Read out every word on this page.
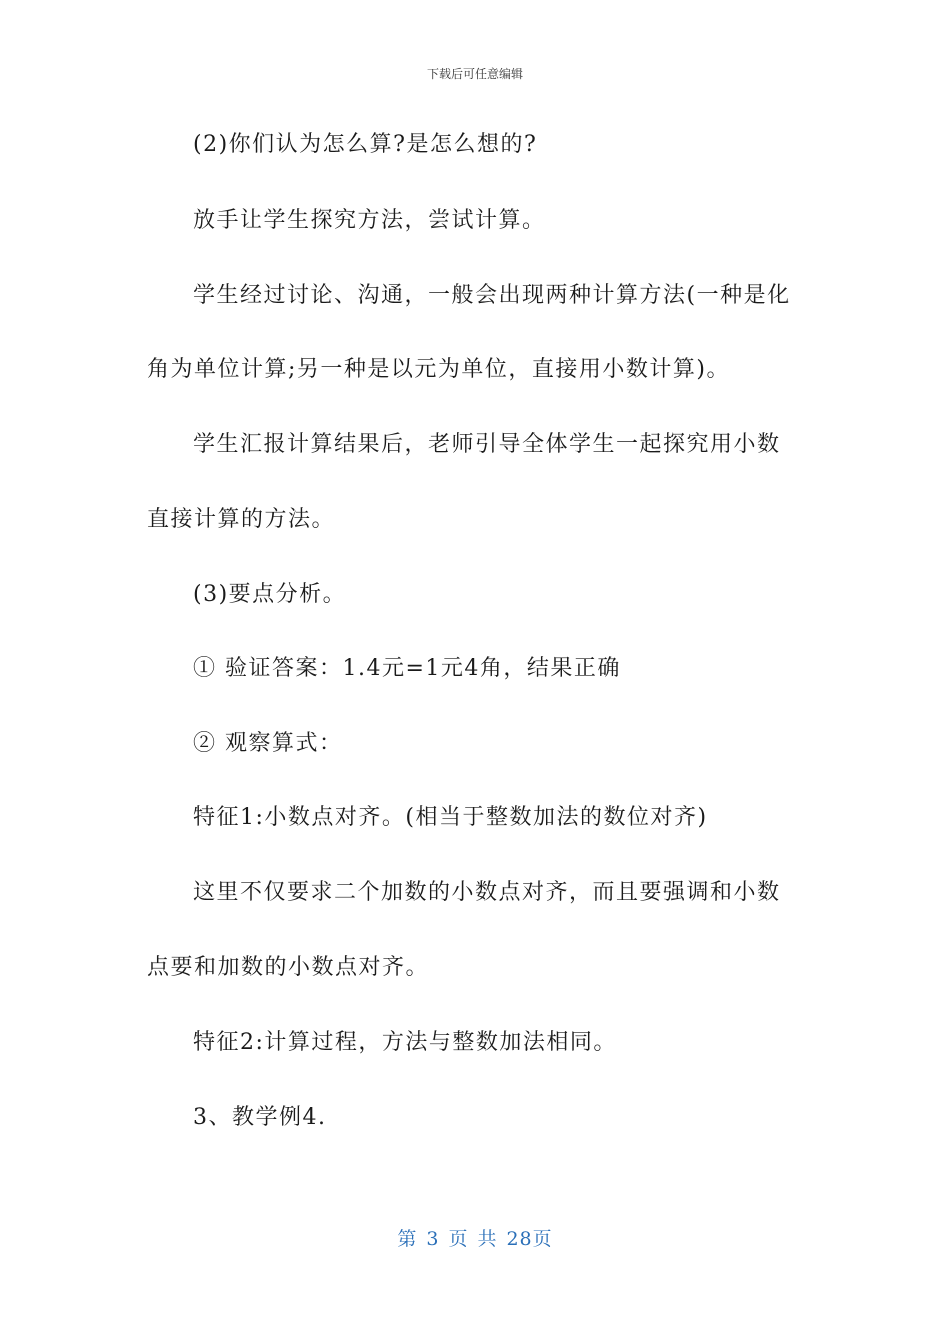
下载后可任意编辑
(2)你们认为怎么算?是怎么想的?
放手让学生探究方法，尝试计算。
学生经过讨论、沟通，一般会出现两种计算方法(一种是化
角为单位计算;另一种是以元为单位，直接用小数计算)。
学生汇报计算结果后，老师引导全体学生一起探究用小数
直接计算的方法。
(3)要点分析。
① 验证答案：1.4元=1元4角，结果正确
② 观察算式：
特征1:小数点对齐。(相当于整数加法的数位对齐)
这里不仅要求二个加数的小数点对齐，而且要强调和小数
点要和加数的小数点对齐。
特征2:计算过程，方法与整数加法相同。
3、教学例4.
第 3 页 共 28页
